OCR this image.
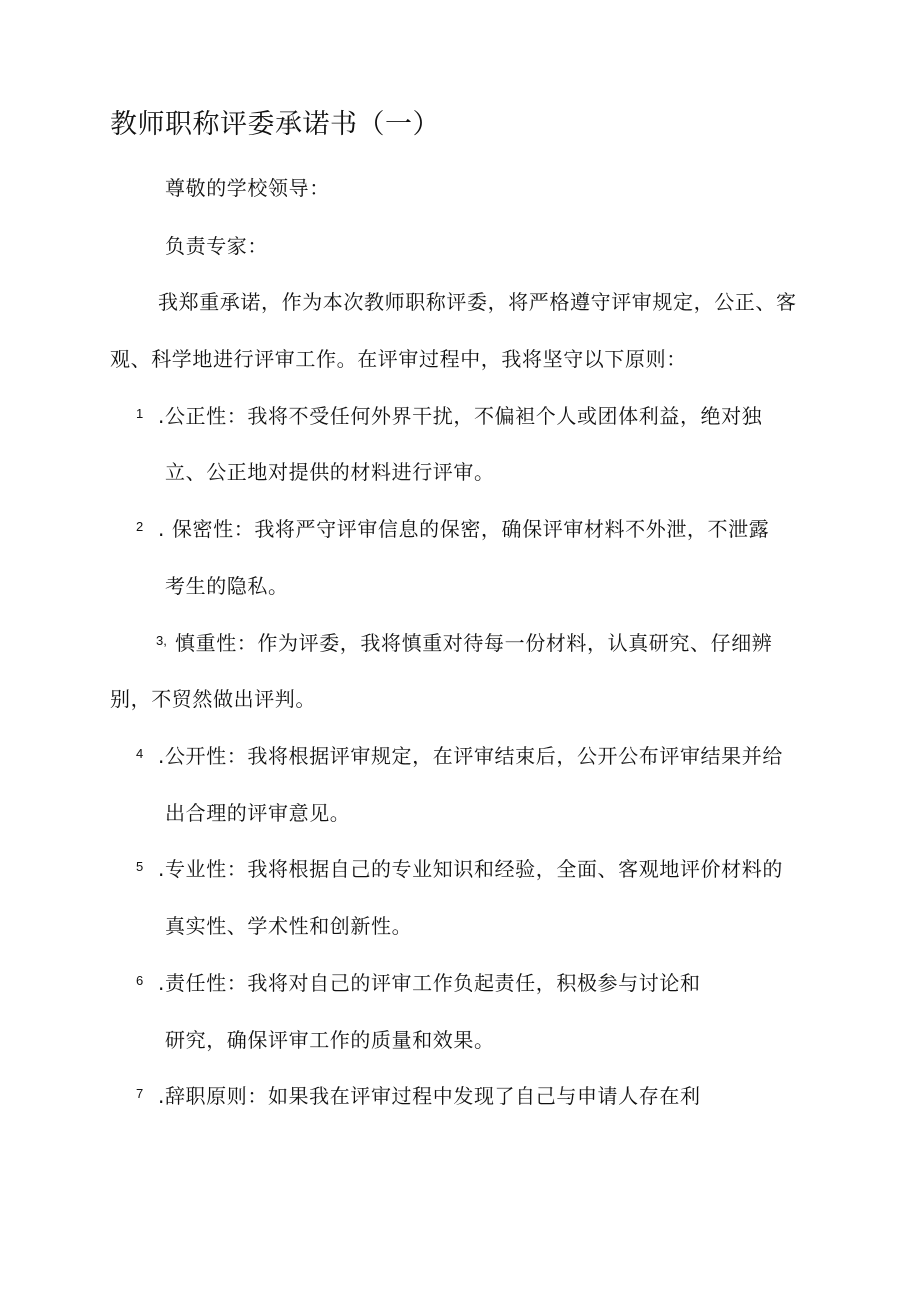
教师职称评委承诺书（一）
尊敬的学校领导：
负责专家：
我郑重承诺，作为本次教师职称评委，将严格遵守评审规定，公正、客
观、科学地进行评审工作。在评审过程中，我将坚守以下原则：
1 .公正性：我将不受任何外界干扰，不偏袒个人或团体利益，绝对独
立、公正地对提供的材料进行评审。
2 . 保密性：我将严守评审信息的保密，确保评审材料不外泄，不泄露
考生的隐私。
3, 慎重性：作为评委，我将慎重对待每一份材料，认真研究、仔细辨
别，不贸然做出评判。
4 .公开性：我将根据评审规定，在评审结束后，公开公布评审结果并给
出合理的评审意见。
5 .专业性：我将根据自己的专业知识和经验，全面、客观地评价材料的
真实性、学术性和创新性。
6 .责任性：我将对自己的评审工作负起责任，积极参与讨论和
研究，确保评审工作的质量和效果。
7 .辞职原则：如果我在评审过程中发现了自己与申请人存在利
